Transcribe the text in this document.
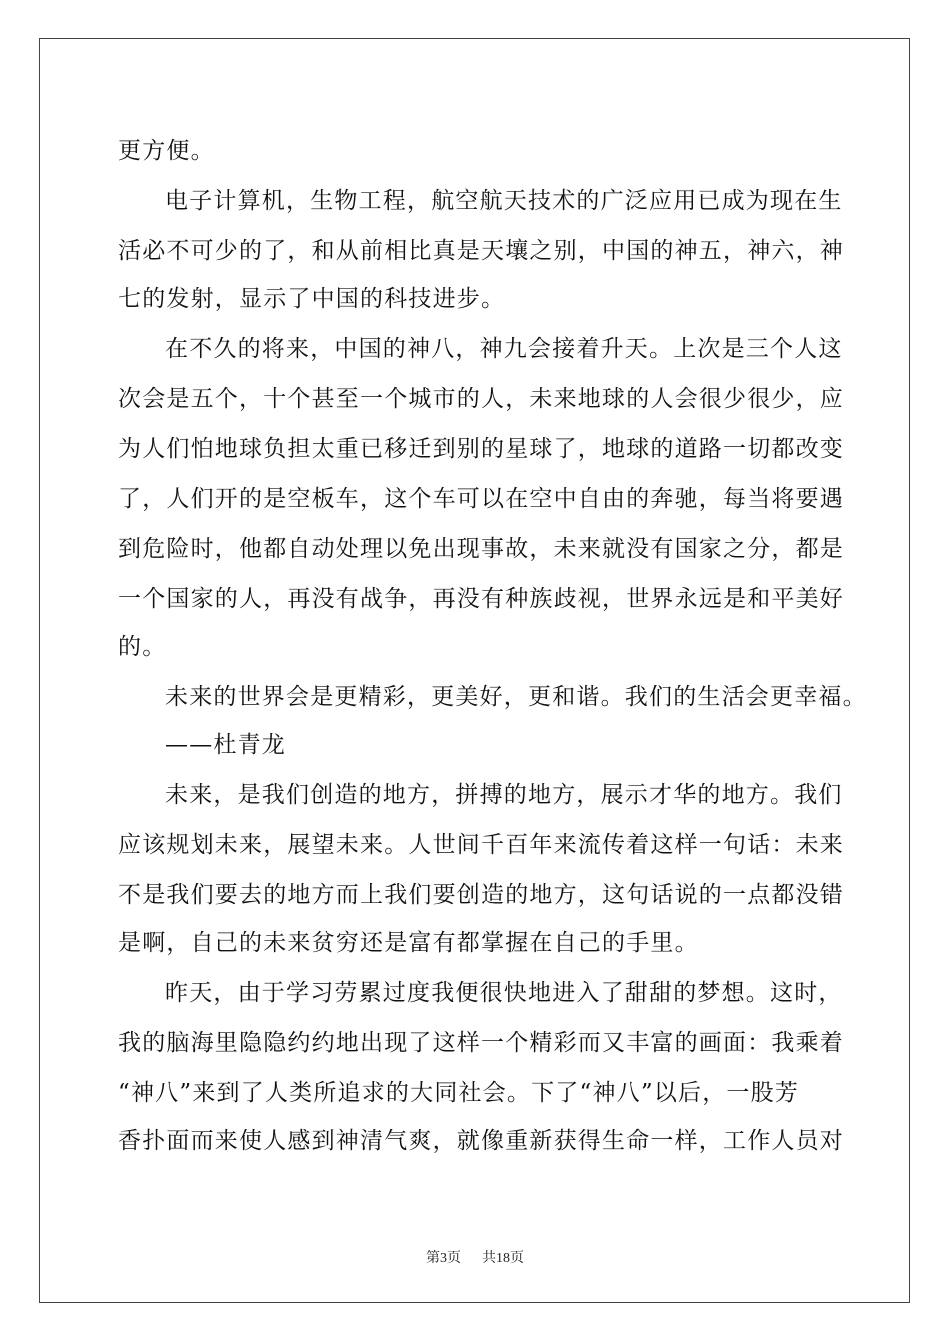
更方便。
电子计算机，生物工程，航空航天技术的广泛应用已成为现在生
活必不可少的了，和从前相比真是天壤之别，中国的神五，神六，神
七的发射，显示了中国的科技进步。
在不久的将来，中国的神八，神九会接着升天。上次是三个人这
次会是五个，十个甚至一个城市的人，未来地球的人会很少很少，应
为人们怕地球负担太重已移迁到别的星球了，地球的道路一切都改变
了，人们开的是空板车，这个车可以在空中自由的奔驰，每当将要遇
到危险时，他都自动处理以免出现事故，未来就没有国家之分，都是
一个国家的人，再没有战争，再没有种族歧视，世界永远是和平美好
的。
未来的世界会是更精彩，更美好，更和谐。我们的生活会更幸福。
——杜青龙
未来，是我们创造的地方，拼搏的地方，展示才华的地方。我们
应该规划未来，展望未来。人世间千百年来流传着这样一句话：未来
不是我们要去的地方而上我们要创造的地方，这句话说的一点都没错
是啊，自己的未来贫穷还是富有都掌握在自己的手里。
昨天，由于学习劳累过度我便很快地进入了甜甜的梦想。这时，
我的脑海里隐隐约约地出现了这样一个精彩而又丰富的画面：我乘着
“神八”来到了人类所追求的大同社会。下了“神八”以后，一股芳
香扑面而来使人感到神清气爽，就像重新获得生命一样，工作人员对
第3页 共18页
